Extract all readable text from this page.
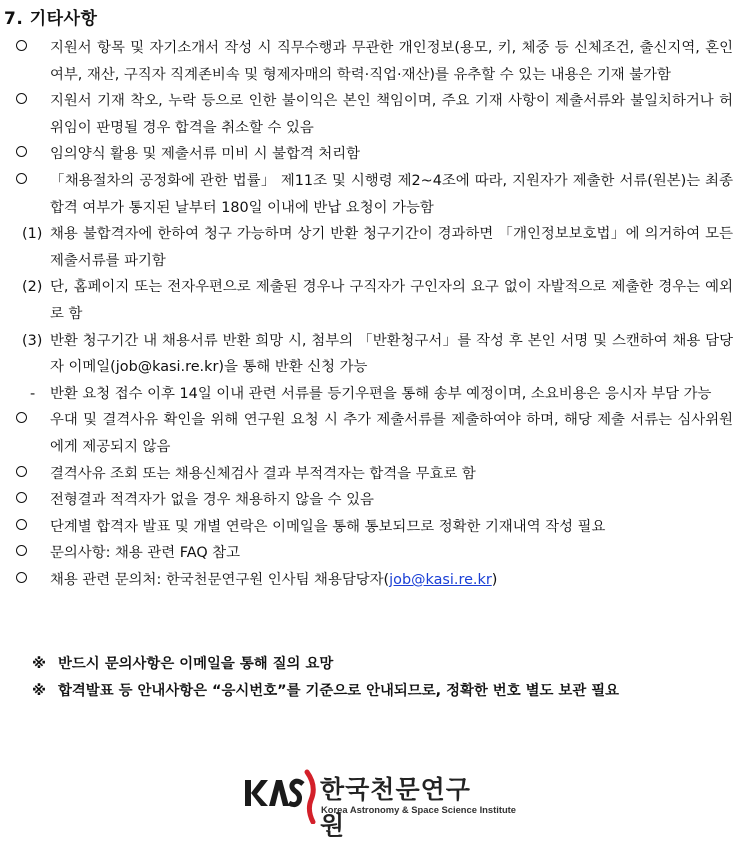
7. 기타사항
지원서 항목 및 자기소개서 작성 시 직무수행과 무관한 개인정보(용모, 키, 체중 등 신체조건, 출신지역, 혼인여부, 재산, 구직자 직계존비속 및 형제자매의 학력·직업·재산)를 유추할 수 있는 내용은 기재 불가함
지원서 기재 착오, 누락 등으로 인한 불이익은 본인 책임이며, 주요 기재 사항이 제출서류와 불일치하거나 허위임이 판명될 경우 합격을 취소할 수 있음
임의양식 활용 및 제출서류 미비 시 불합격 처리함
「채용절차의 공정화에 관한 법률」 제11조 및 시행령 제2~4조에 따라, 지원자가 제출한 서류(원본)는 최종합격 여부가 통지된 날부터 180일 이내에 반납 요청이 가능함
(1) 채용 불합격자에 한하여 청구 가능하며 상기 반환 청구기간이 경과하면 「개인정보보호법」에 의거하여 모든 제출서류를 파기함
(2) 단, 홈페이지 또는 전자우편으로 제출된 경우나 구직자가 구인자의 요구 없이 자발적으로 제출한 경우는 예외로 함
(3) 반환 청구기간 내 채용서류 반환 희망 시, 첨부의 「반환청구서」를 작성 후 본인 서명 및 스캔하여 채용 담당자 이메일(job@kasi.re.kr)을 통해 반환 신청 가능
-	반환 요청 접수 이후 14일 이내 관련 서류를 등기우편을 통해 송부 예정이며, 소요비용은 응시자 부담 가능
우대 및 결격사유 확인을 위해 연구원 요청 시 추가 제출서류를 제출하여야 하며, 해당 제출 서류는 심사위원에게 제공되지 않음
결격사유 조회 또는 채용신체검사 결과 부적격자는 합격을 무효로 함
전형결과 적격자가 없을 경우 채용하지 않을 수 있음
단계별 합격자 발표 및 개별 연락은 이메일을 통해 통보되므로 정확한 기재내역 작성 필요
문의사항: 채용 관련 FAQ 참고
채용 관련 문의처: 한국천문연구원 인사팀 채용담당자(job@kasi.re.kr)
※ 반드시 문의사항은 이메일을 통해 질의 요망
※ 합격발표 등 안내사항은 “응시번호”를 기준으로 안내되므로, 정확한 번호 별도 보관 필요
한국천문연구원
Korea Astronomy & Space Science Institute
